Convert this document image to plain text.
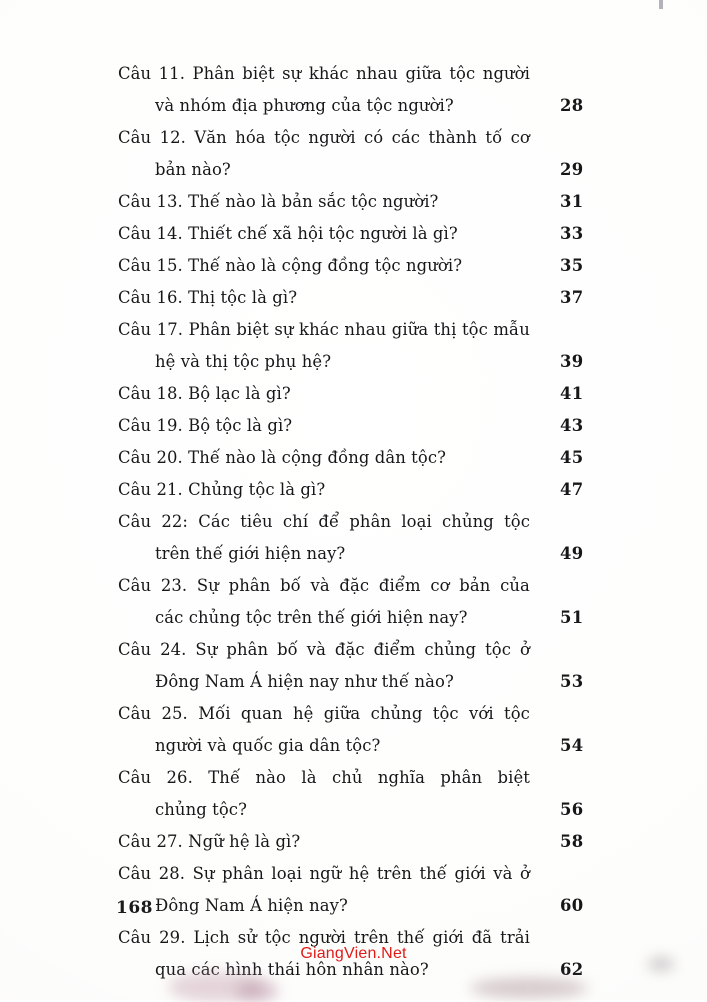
Câu 11. Phân biệt sự khác nhau giữa tộc người
và nhóm địa phương của tộc người?	28
Câu 12. Văn hóa tộc người có các thành tố cơ
bản nào?	29
Câu 13. Thế nào là bản sắc tộc người?	31
Câu 14. Thiết chế xã hội tộc người là gì?	33
Câu 15. Thế nào là cộng đồng tộc người?	35
Câu 16. Thị tộc là gì?	37
Câu 17. Phân biệt sự khác nhau giữa thị tộc mẫu
hệ và thị tộc phụ hệ?	39
Câu 18. Bộ lạc là gì?	41
Câu 19. Bộ tộc là gì?	43
Câu 20. Thế nào là cộng đồng dân tộc?	45
Câu 21. Chủng tộc là gì?	47
Câu 22: Các tiêu chí để phân loại chủng tộc
trên thế giới hiện nay?	49
Câu 23. Sự phân bố và đặc điểm cơ bản của
các chủng tộc trên thế giới hiện nay?	51
Câu 24. Sự phân bố và đặc điểm chủng tộc ở
Đông Nam Á hiện nay như thế nào?	53
Câu 25. Mối quan hệ giữa chủng tộc với tộc
người và quốc gia dân tộc?	54
Câu 26. Thế nào là chủ nghĩa phân biệt
chủng tộc?	56
Câu 27. Ngữ hệ là gì?	58
Câu 28. Sự phân loại ngữ hệ trên thế giới và ở
Đông Nam Á hiện nay?	60
Câu 29. Lịch sử tộc người trên thế giới đã trải
qua các hình thái hôn nhân nào?	62
168
GiangVien.Net
